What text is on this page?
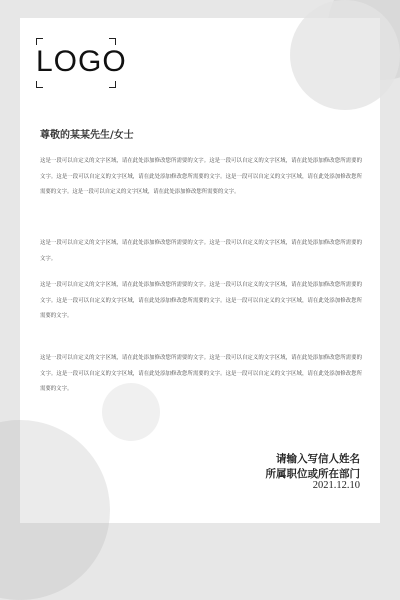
LOGO
尊敬的某某先生/女士
这是一段可以自定义的文字区域，请在此处添加修改您所需要的文字。这是一段可以自定义的文字区域，请在此处添加修改您所需要的文字。这是一段可以自定义的文字区域，请在此处添加修改您所需要的文字。这是一段可以自定义的文字区域，请在此处添加修改您所需要的文字。这是一段可以自定义的文字区域，请在此处添加修改您所需要的文字。
这是一段可以自定义的文字区域，请在此处添加修改您所需要的文字。这是一段可以自定义的文字区域，请在此处添加修改您所需要的文字。
这是一段可以自定义的文字区域，请在此处添加修改您所需要的文字。这是一段可以自定义的文字区域，请在此处添加修改您所需要的文字。这是一段可以自定义的文字区域，请在此处添加修改您所需要的文字。这是一段可以自定义的文字区域，请在此处添加修改您所需要的文字。
这是一段可以自定义的文字区域，请在此处添加修改您所需要的文字。这是一段可以自定义的文字区域，请在此处添加修改您所需要的文字。这是一段可以自定义的文字区域，请在此处添加修改您所需要的文字。这是一段可以自定义的文字区域，请在此处添加修改您所需要的文字。
请输入写信人姓名
所属职位或所在部门
2021.12.10
